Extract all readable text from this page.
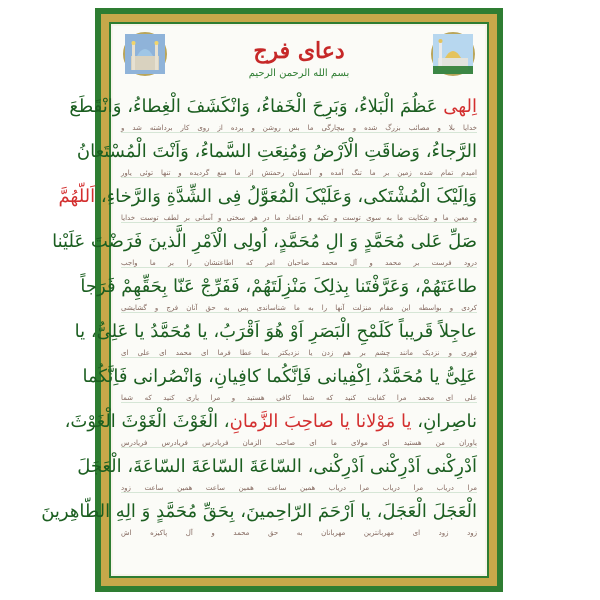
دعای فرج
بسم الله الرحمن الرحیم
اِلهی عَظُمَ الْبَلاءُ، وَبَرِحَ الْخَفاءُ، وَانْکَشَفَ الْغِطاءُ، وَانْقَطَعَ
خدایا بلا و مصائب بزرگ شده و بیچارگی ما بس روشن و پرده از روی کار برداشته شد و
الرَّجاءُ، وَضاقَتِ الْاَرْضُ وَمُنِعَتِ السَّماءُ، وَاَنْتَ الْمُسْتَعانُ
امیدم تمام شده زمین بر ما تنگ آمده و آسمان رحمتش از ما منع گردیده و تنها توئی یاور
وَاِلَیْکَ الْمُشْتَکی، وَعَلَیْکَ الْمُعَوَّلُ فِی الشِّدَّةِ وَالرَّخاءِ، اَللّهُمَّ
و معین ما و شکایت ما به سوی توست و تکیه و اعتماد ما در هر سختی و آسانی بر لطف توست خدایا
صَلِّ عَلی مُحَمَّدٍ وَ الِ مُحَمَّدٍ، اُولِی الْاَمْرِ الَّذینَ فَرَضْتَ عَلَیْنا
درود فرست بر محمد و آل محمد صاحبان امر که اطاعتشان را بر ما واجب
طاعَتَهُمْ، وَعَرَّفْتَنا بِذلِکَ مَنْزِلَتَهُمْ، فَفَرِّجْ عَنّا بِحَقِّهِمْ فَرَجاً
کردی و بواسطه این مقام منزلت آنها را به ما شناساندی پس به حق آنان فرج و گشایشی
عاجِلاً قَریباً کَلَمْحِ الْبَصَرِ اَوْ هُوَ اَقْرَبُ، یا مُحَمَّدُ یا عَلِیُّ، یا
فوری و نزدیک مانند چشم بر هم زدن یا نزدیکتر بما عطا فرما ای محمد ای علی ای
عَلِیُّ یا مُحَمَّدُ، اِکْفِیانی فَاِنَّکُما کافِیانِ، وَانْصُرانی فَاِنَّکُما
علی ای محمد مرا کفایت کنید که شما کافی هستید و مرا یاری کنید که شما
ناصِرانِ، یا مَوْلانا یا صاحِبَ الزَّمانِ، الْغَوْثَ الْغَوْثَ الْغَوْثَ،
یاوران من هستید ای مولای ما ای صاحب الزمان فریادرس فریادرس فریادرس
اَدْرِکْنی اَدْرِکْنی اَدْرِکْنی، السّاعَةَ السّاعَةَ السّاعَةَ، الْعَجَلَ
مرا دریاب مرا دریاب مرا دریاب همین ساعت همین ساعت همین ساعت زود
الْعَجَلَ الْعَجَلَ، یا اَرْحَمَ الرّاحِمینَ، بِحَقِّ مُحَمَّدٍ وَ الِهِ الطّاهِرینَ
زود زود ای مهربانترین مهربانان به حق محمد و آل پاکیزه اش
